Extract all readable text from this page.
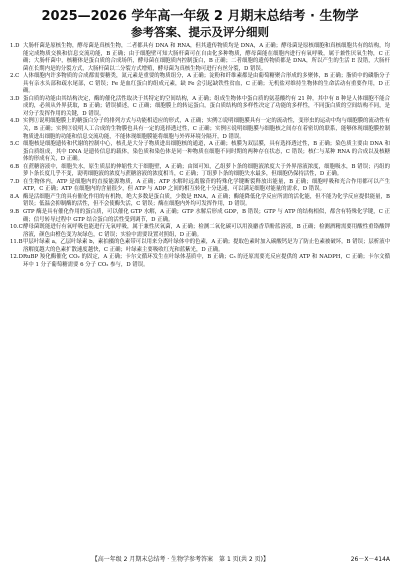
2025—2026 学年高一年级 2 月期末总结考 · 生物学
参考答案、提示及评分细则
1.D 大肠杆菌是原核生物，酵母菌是真核生物，二者都具有 DNA 和 RNA，但其遗传物质均是 DNA，A 正确；酵母菌是原核细胞和真核细胞共有的结构，均能完成物质交换和信息交流功能，B 正确；由于细胞壁可知大肠杆菌可在自由化多种物质，酵母菌能在细胞内进行有氧呼吸，属于兼性厌氧生物，C 正确；大肠杆菌中，核糖体是蛋白质的合成场所，酵母菌在细胞质内控制蛋白，B 正确；二者细胞的遗传物质都是 DNA，所以产生的生活 E 没错，大肠杆菌在长期内是的分裂方式，大肠杆菌以二分裂方式增殖，酵母菌为真核生物可进行有丝分裂，D 错误。
2.C 人体细胞内许多物质的合成都需要糖类，氮元素是重要的物质组分，A 正确；淀粉和纤维素都是由葡萄糖聚合形成的多聚体，B 正确；脂质中的磷脂分子具有亲水头部和疏水尾部，C 错误；Fe 是血红蛋白的组成元素，缺 Fe 会引起缺铁性贫血，C 正确；无机盐对维持生物体的生命活动有重要作用，D 正确。
3.D 蛋白质的功能由其结构决定，酶的催化活性取决于其特定的空间结构，A 正确；组成生物体中蛋白质的氨基酸约有 21 种，其中有 8 种是人体细胞不能合成的，必须从外界获取，B 正确；错误描述，C 正确；细胞膜上的转运蛋白，蛋白质结构的多样性决定了功能的多样性，不同蛋白质的空间结构不同，是对分子发挥作用的关键，D 错误。
4.D 实例①说明细胞膜上的糖蛋白分子的排列方式与功能相适应的形式，A 正确；实例②说明细胞膜具有一定的流动性，变形虫的运动中均与细胞膜的流动性有关，B 正确；实例③说明人工合成的生物膜也具有一定的选择透过性，C 正确；实例④说明细胞膜与细胞核之间存在着密切的联系，能够体现细胞膜控制物质进出细胞的功能和信息交流功能，不能体现细胞膜能将细胞与外界环境分隔开，D 错误。
5.C 细胞核是细胞遗传和代谢的控制中心，核孔是大分子物质进出细胞核的通道，A 正确；核膜为双层膜，具有选择透过性，B 正确；染色质主要由 DNA 和蛋白质组成，其中 DNA 是遗传信息的载体，染色质和染色体是同一种物质在细胞不同时期的两种存在状态，C 错误；核仁与某种 RNA 的合成以及核糖体的形成有关，D 正确。
6.B 在蔗糖溶液中，细胞失水，原生质层的伸缩性大于细胞壁，A 正确；由图可知，乙组萝卜条的细胞液浓度大于外界溶液浓度，细胞吸水，B 错误；丙组的萝卜条长度几乎不变，说明细胞液的浓度与蔗糖溶液的浓度相当，C 正确；丁组萝卜条的细胞失水最多，但细胞仍保持活性，D 正确。
7.D 在生物体内，ATP 是细胞内的直接能源物质，A 正确；ATP 水解时远离腺苷的特殊化学键断裂释放出能量，B 正确；细胞呼吸和光合作用都可以产生 ATP，C 正确；ATP 在细胞内的含量很少，但 ATP 与 ADP 之间的相互转化十分迅速，可以满足细胞对能量的需求，D 错误。
8.A 酶是活细胞产生的具有催化作用的有机物，绝大多数是蛋白质，少数是 RNA，A 正确；酶能降低化学反应所需的活化能，但不能为化学反应提供能量，B 错误；低温会抑制酶的活性，但不会使酶失活，C 错误；酶在细胞内外均可发挥作用，D 错误。
9.B GTP 酶是具有催化作用的蛋白质，可以催化 GTP 水解，A 正确；GTP 水解后形成 GDP，B 错误；GTP 与 ATP 的结构相似，都含有特殊化学键，C 正确；信号转导过程中 GTP 结合蛋白的活性受到调节，D 正确。
10.C 酵母菌既能进行有氧呼吸也能进行无氧呼吸，属于兼性厌氧菌，A 正确；检测二氧化碳可以用溴麝香草酚蓝溶液，B 正确；检测酒精需要用酸性重铬酸钾溶液，颜色由橙色变为灰绿色，C 错误；实验中需要设置对照组，D 正确。
11.B 甲层叶绿素 a，乙层叶绿素 b，素拍摄的色素带可以用来分离叶绿体中的色素，A 正确；提取色素时加入碳酸钙是为了防止色素被破坏，B 错误；层析液中溶解度越大的色素扩散速度越快，C 正确；叶绿素主要吸收红光和蓝紫光，D 正确。
12.D RuBP 羧化酶催化 CO₂ 的固定，A 正确；卡尔文循环发生在叶绿体基质中，B 正确；C₃ 的还原需要光反应提供的 ATP 和 NADPH，C 正确；卡尔文循环中 1 分子葡萄糖需要 6 分子 CO₂ 参与，D 错误。
【高一年级 2 月期末总结考 · 生物学参考答案　第 1 页(共 2 页)】	26－X－414A
